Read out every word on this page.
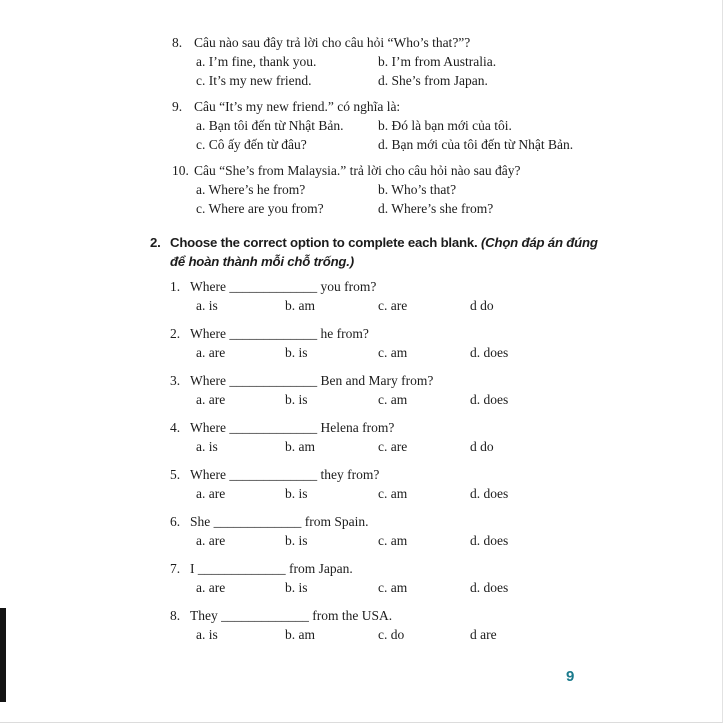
8. Câu nào sau đây trả lời cho câu hỏi “Who’s that?”?
a. I’m fine, thank you.	b. I’m from Australia.
c. It’s my new friend.	d. She’s from Japan.
9. Câu “It’s my new friend.” có nghĩa là:
a. Bạn tôi đến từ Nhật Bản.	b. Đó là bạn mới của tôi.
c. Cô ấy đến từ đâu?	d. Bạn mới của tôi đến từ Nhật Bản.
10. Câu “She’s from Malaysia.” trả lời cho câu hỏi nào sau đây?
a. Where’s he from?	b. Who’s that?
c. Where are you from?	d. Where’s she from?
2. Choose the correct option to complete each blank. (Chọn đáp án đúng
để hoàn thành mỗi chỗ trống.)
1. Where _____________ you from?
a. is	b. am	c. are	d do
2. Where _____________ he from?
a. are	b. is	c. am	d. does
3. Where _____________ Ben and Mary from?
a. are	b. is	c. am	d. does
4. Where _____________ Helena from?
a. is	b. am	c. are	d do
5. Where _____________ they from?
a. are	b. is	c. am	d. does
6. She _____________ from Spain.
a. are	b. is	c. am	d. does
7. I _____________ from Japan.
a. are	b. is	c. am	d. does
8. They _____________ from the USA.
a. is	b. am	c. do	d are
9
